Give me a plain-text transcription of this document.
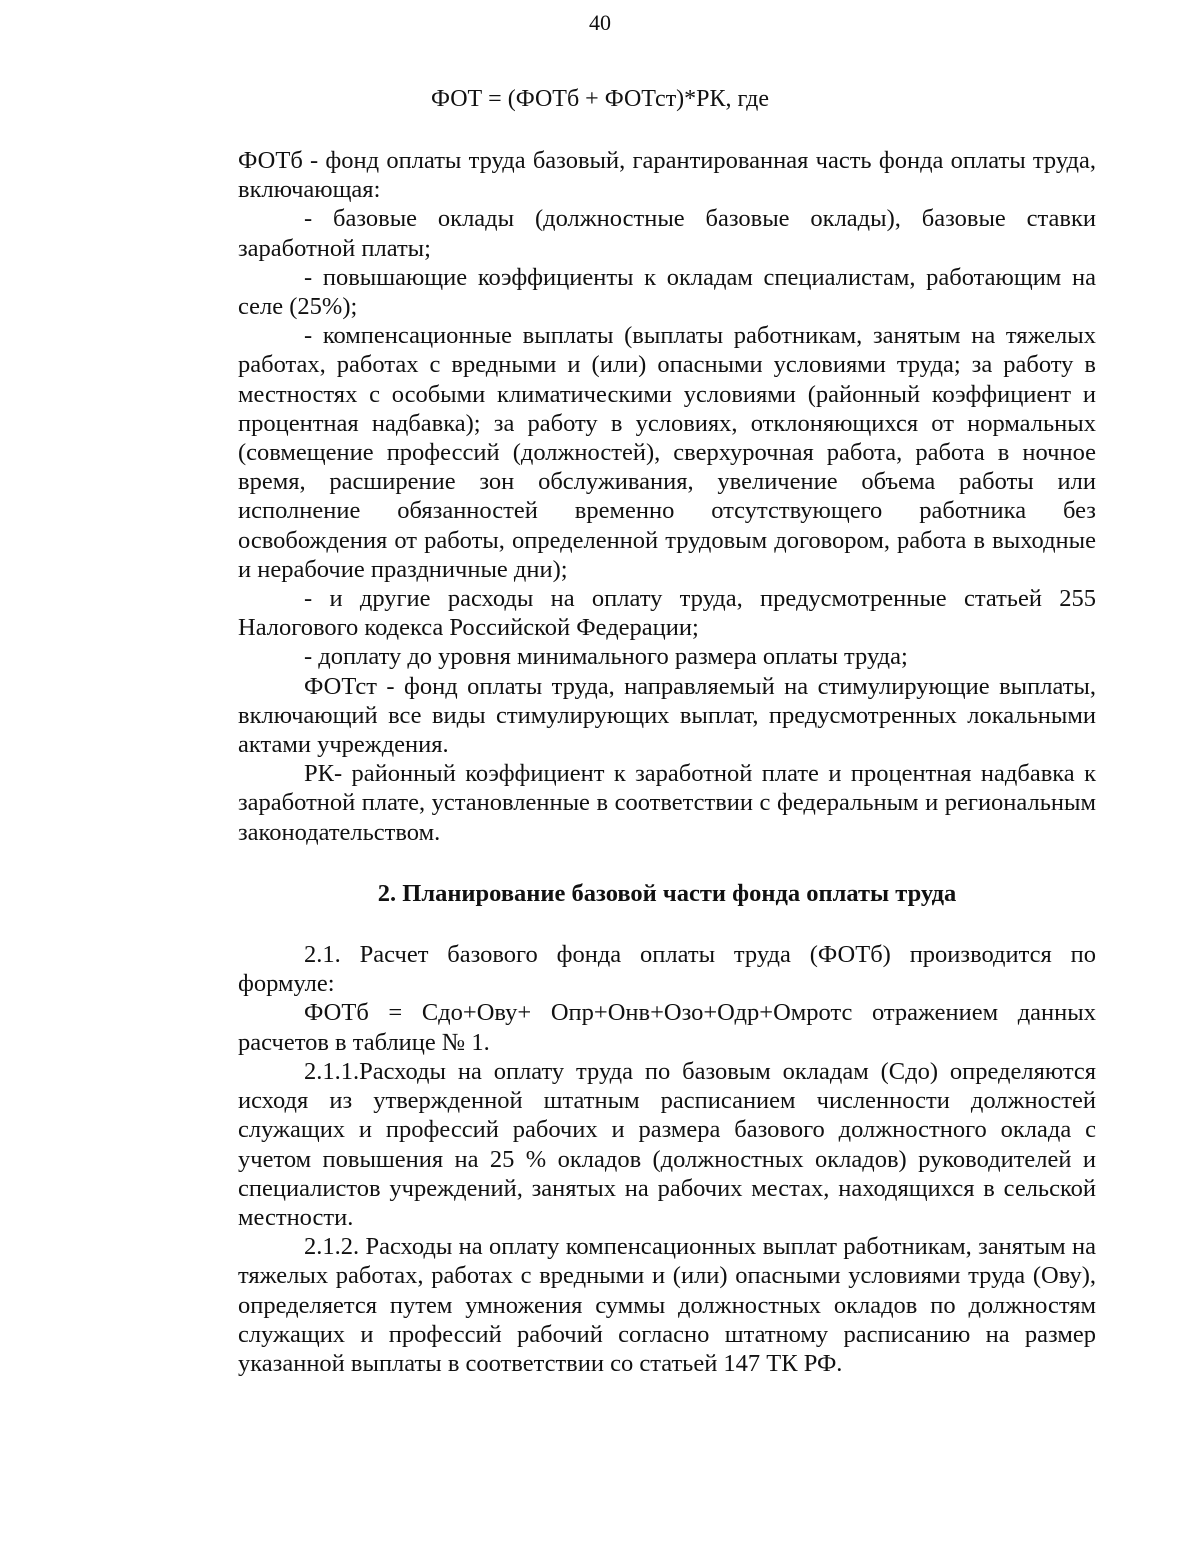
40
ФОТ = (ФОТб + ФОТст)*РК, где

ФОТб - фонд оплаты труда базовый, гарантированная часть фонда оплаты труда, включающая:

- базовые оклады (должностные базовые оклады), базовые ставки заработной платы;

- повышающие коэффициенты к окладам специалистам, работающим на селе (25%);

- компенсационные выплаты (выплаты работникам, занятым на тяжелых работах, работах с вредными и (или) опасными условиями труда; за работу в местностях с особыми климатическими условиями (районный коэффициент и процентная надбавка); за работу в условиях, отклоняющихся от нормальных (совмещение профессий (должностей), сверхурочная работа, работа в ночное время, расширение зон обслуживания, увеличение объема работы или исполнение обязанностей временно отсутствующего работника без освобождения от работы, определенной трудовым договором, работа в выходные и нерабочие праздничные дни);

- и другие расходы на оплату труда, предусмотренные статьей 255 Налогового кодекса Российской Федерации;

- доплату до уровня минимального размера оплаты труда;

ФОТст - фонд оплаты труда, направляемый на стимулирующие выплаты, включающий все виды стимулирующих выплат, предусмотренных локальными актами учреждения.

РК- районный коэффициент к заработной плате и процентная надбавка к заработной плате, установленные в соответствии с федеральным и региональным законодательством.

2. Планирование базовой части фонда оплаты труда

2.1. Расчет базового фонда оплаты труда (ФОТб) производится по формуле:

ФОТб = Сдо+Ову+ Опр+Онв+Озо+Одр+Омротс отражением данных расчетов в таблице № 1.

2.1.1.Расходы на оплату труда по базовым окладам (Сдо) определяются исходя из утвержденной штатным расписанием численности должностей служащих и профессий рабочих и размера базового должностного оклада с учетом повышения на 25 % окладов (должностных окладов) руководителей и специалистов учреждений, занятых на рабочих местах, находящихся в сельской местности.

2.1.2. Расходы на оплату компенсационных выплат работникам, занятым на тяжелых работах, работах с вредными и (или) опасными условиями труда (Ову), определяется путем умножения суммы должностных окладов по должностям служащих и профессий рабочий согласно штатному расписанию на размер указанной выплаты в соответствии со статьей 147 ТК РФ.
